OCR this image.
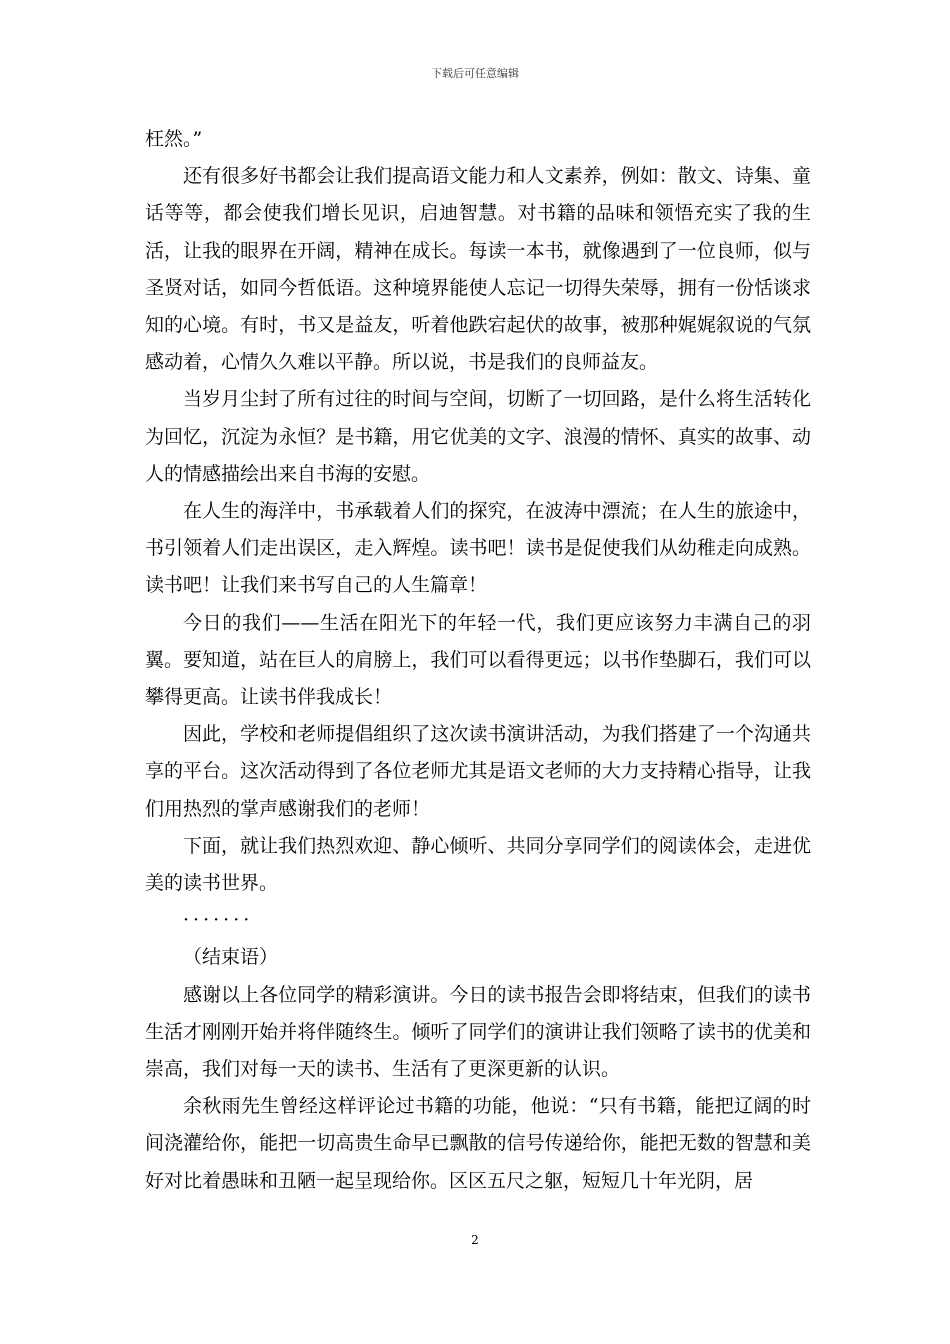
下载后可任意编辑

枉然。”

还有很多好书都会让我们提高语文能力和人文素养，例如：散文、诗集、童话等等，都会使我们增长见识，启迪智慧。对书籍的品味和领悟充实了我的生活，让我的眼界在开阔，精神在成长。每读一本书，就像遇到了一位良师，似与圣贤对话，如同今哲低语。这种境界能使人忘记一切得失荣辱，拥有一份恬谈求知的心境。有时，书又是益友，听着他跌宕起伏的故事，被那种娓娓叙说的气氛感动着，心情久久难以平静。所以说，书是我们的良师益友。

当岁月尘封了所有过往的时间与空间，切断了一切回路，是什么将生活转化为回忆，沉淀为永恒？是书籍，用它优美的文字、浪漫的情怀、真实的故事、动人的情感描绘出来自书海的安慰。

在人生的海洋中，书承载着人们的探究，在波涛中漂流；在人生的旅途中，书引领着人们走出误区，走入辉煌。读书吧！读书是促使我们从幼稚走向成熟。读书吧！让我们来书写自己的人生篇章！

今日的我们——生活在阳光下的年轻一代，我们更应该努力丰满自己的羽翼。要知道，站在巨人的肩膀上，我们可以看得更远；以书作垫脚石，我们可以攀得更高。让读书伴我成长！

因此，学校和老师提倡组织了这次读书演讲活动，为我们搭建了一个沟通共享的平台。这次活动得到了各位老师尤其是语文老师的大力支持精心指导，让我们用热烈的掌声感谢我们的老师！

下面，就让我们热烈欢迎、静心倾听、共同分享同学们的阅读体会，走进优美的读书世界。

·······

（结束语）

感谢以上各位同学的精彩演讲。今日的读书报告会即将结束，但我们的读书生活才刚刚开始并将伴随终生。倾听了同学们的演讲让我们领略了读书的优美和崇高，我们对每一天的读书、生活有了更深更新的认识。

余秋雨先生曾经这样评论过书籍的功能，他说：“只有书籍，能把辽阔的时间浇灌给你，能把一切高贵生命早已飘散的信号传递给你，能把无数的智慧和美好对比着愚昧和丑陋一起呈现给你。区区五尺之躯，短短几十年光阴，居

2
